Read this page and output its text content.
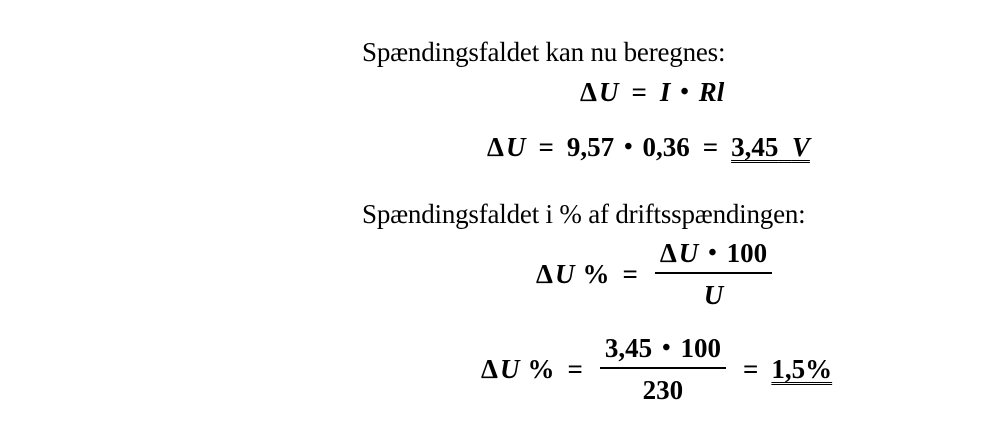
Spændingsfaldet kan nu beregnes:
Δ U = I • Rl
Δ U = 9,57 • 0,36 = 3,45 V
Spændingsfaldet i % af driftsspændingen:
Δ U % = $\frac{\text{Δ U • 100}}{U}$
Δ U % = $\frac{3,45 • 100}{230} = 1,5\%$
